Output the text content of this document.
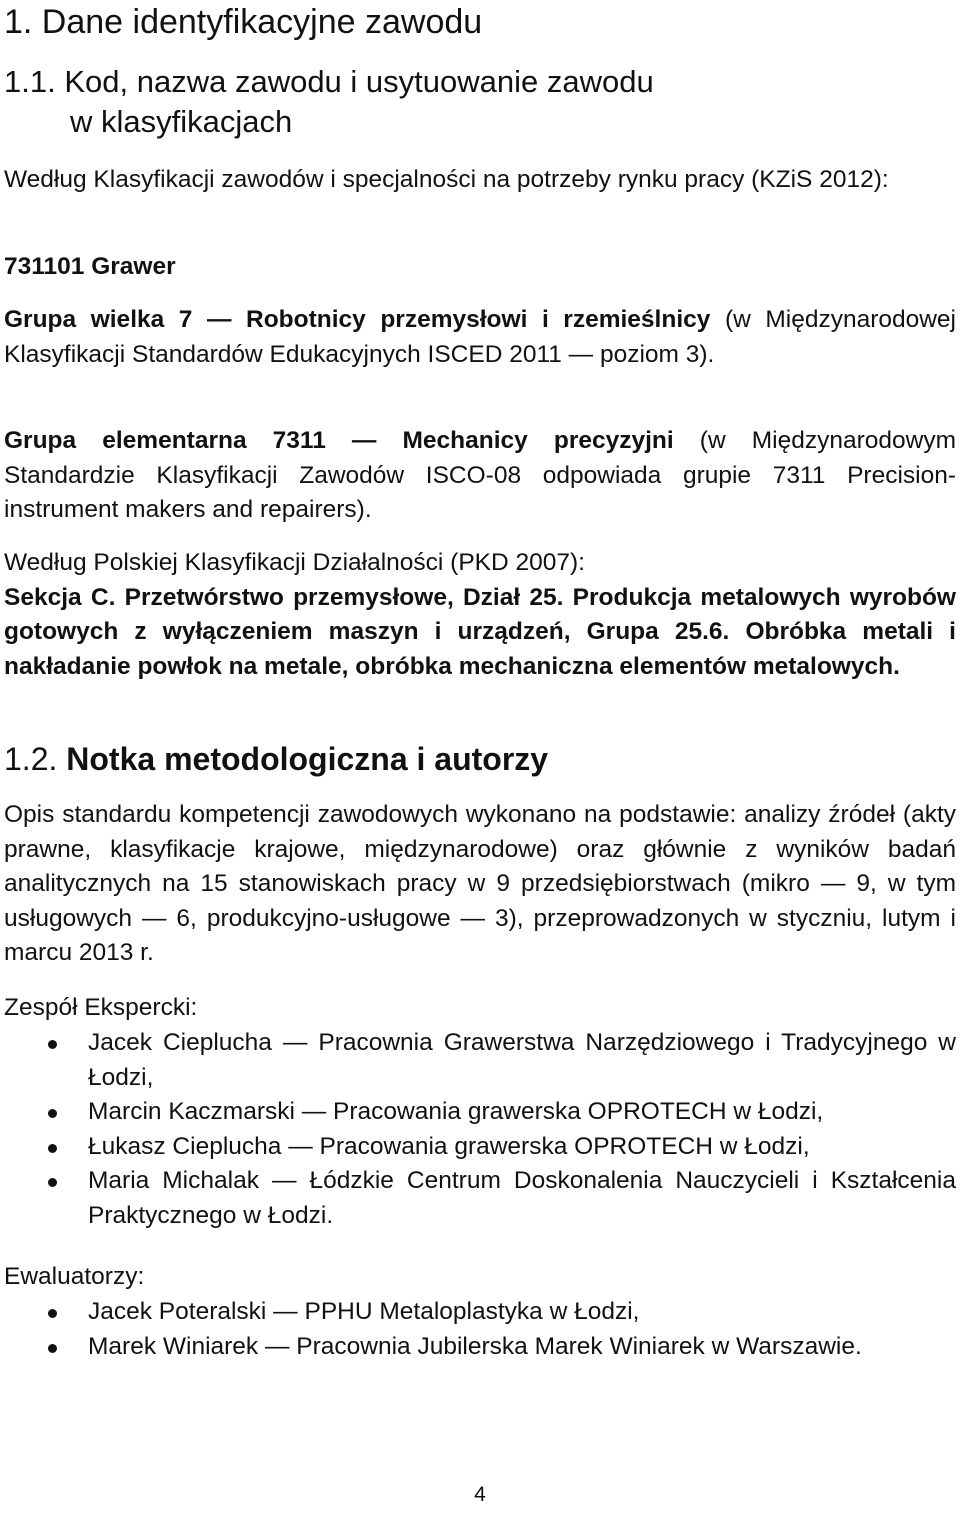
1. Dane identyfikacyjne zawodu
1.1. Kod, nazwa zawodu i usytuowanie zawodu
w klasyfikacjach

Według Klasyfikacji zawodów i specjalności na potrzeby rynku pracy (KZiS 2012):

731101 Grawer

Grupa wielka 7 — Robotnicy przemysłowi i rzemieślnicy (w Międzynarodowej Klasyfikacji Standardów Edukacyjnych ISCED 2011 — poziom 3).

Grupa elementarna 7311 — Mechanicy precyzyjni (w Międzynarodowym Standardzie Klasyfikacji Zawodów ISCO-08 odpowiada grupie 7311 Precision-instrument makers and repairers).

Według Polskiej Klasyfikacji Działalności (PKD 2007):
Sekcja C. Przetwórstwo przemysłowe, Dział 25. Produkcja metalowych wyrobów gotowych z wyłączeniem maszyn i urządzeń, Grupa 25.6. Obróbka metali i nakładanie powłok na metale, obróbka mechaniczna elementów metalowych.

1.2. Notka metodologiczna i autorzy

Opis standardu kompetencji zawodowych wykonano na podstawie: analizy źródeł (akty prawne, klasyfikacje krajowe, międzynarodowe) oraz głównie z wyników badań analitycznych na 15 stanowiskach pracy w 9 przedsiębiorstwach (mikro — 9, w tym usługowych — 6, produkcyjno-usługowe — 3), przeprowadzonych w styczniu, lutym i marcu 2013 r.

Zespół Ekspercki:

Jacek Cieplucha — Pracownia Grawerstwa Narzędziowego i Tradycyjnego w Łodzi,
Marcin Kaczmarski — Pracowania grawerska OPROTECH w Łodzi,
Łukasz Cieplucha — Pracowania grawerska OPROTECH w Łodzi,
Maria Michalak — Łódzkie Centrum Doskonalenia Nauczycieli i Kształcenia Praktycznego w Łodzi.

Ewaluatorzy:

Jacek Poteralski — PPHU Metaloplastyka w Łodzi,
Marek Winiarek — Pracownia Jubilerska Marek Winiarek w Warszawie.
4
